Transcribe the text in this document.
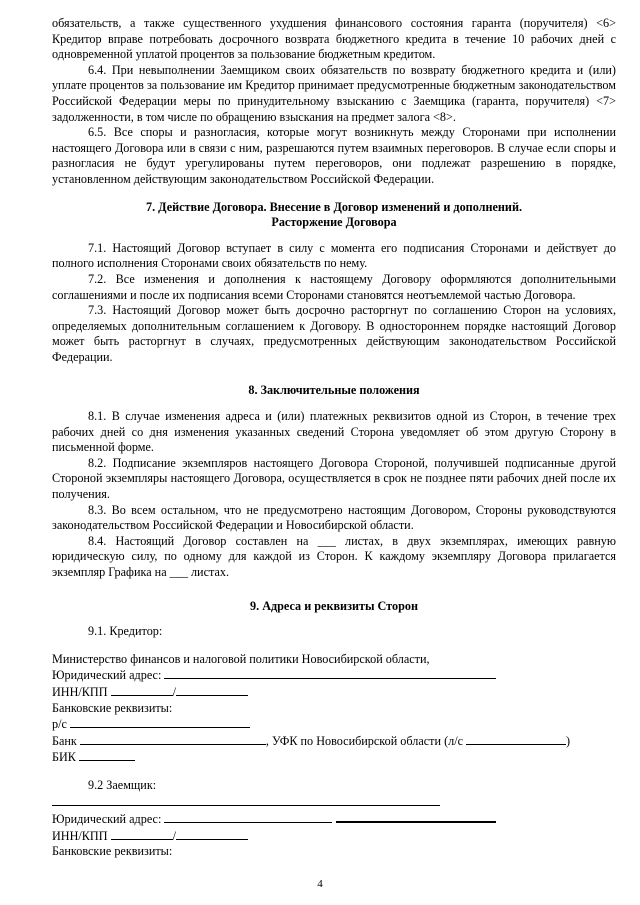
обязательств, а также существенного ухудшения финансового состояния гаранта (поручителя) <6> Кредитор вправе потребовать досрочного возврата бюджетного кредита в течение 10 рабочих дней с одновременной уплатой процентов за пользование бюджетным кредитом.

6.4. При невыполнении Заемщиком своих обязательств по возврату бюджетного кредита и (или) уплате процентов за пользование им Кредитор принимает предусмотренные бюджетным законодательством Российской Федерации меры по принудительному взысканию с Заемщика (гаранта, поручителя) <7> задолженности, в том числе по обращению взыскания на предмет залога <8>.

6.5. Все споры и разногласия, которые могут возникнуть между Сторонами при исполнении настоящего Договора или в связи с ним, разрешаются путем взаимных переговоров. В случае если споры и разногласия не будут урегулированы путем переговоров, они подлежат разрешению в порядке, установленном действующим законодательством Российской Федерации.

7. Действие Договора. Внесение в Договор изменений и дополнений.
Расторжение Договора

7.1. Настоящий Договор вступает в силу с момента его подписания Сторонами и действует до полного исполнения Сторонами своих обязательств по нему.

7.2. Все изменения и дополнения к настоящему Договору оформляются дополнительными соглашениями и после их подписания всеми Сторонами становятся неотъемлемой частью Договора.

7.3. Настоящий Договор может быть досрочно расторгнут по соглашению Сторон на условиях, определяемых дополнительным соглашением к Договору. В одностороннем порядке настоящий Договор может быть расторгнут в случаях, предусмотренных действующим законодательством Российской Федерации.

8. Заключительные положения

8.1. В случае изменения адреса и (или) платежных реквизитов одной из Сторон, в течение трех рабочих дней со дня изменения указанных сведений Сторона уведомляет об этом другую Сторону в письменной форме.

8.2. Подписание экземпляров настоящего Договора Стороной, получившей подписанные другой Стороной экземпляры настоящего Договора, осуществляется в срок не позднее пяти рабочих дней после их получения.

8.3. Во всем остальном, что не предусмотрено настоящим Договором, Стороны руководствуются законодательством Российской Федерации и Новосибирской области.

8.4. Настоящий Договор составлен на ___ листах, в двух экземплярах, имеющих равную юридическую силу, по одному для каждой из Сторон. К каждому экземпляру Договора прилагается экземпляр Графика на ___ листах.

9. Адреса и реквизиты Сторон

9.1. Кредитор:

Министерство финансов и налоговой политики Новосибирской области,

Юридический адрес:

ИНН/КПП	/

Банковские реквизиты:

р/с

Банк	, УФК по Новосибирской области (л/с	)

БИК

9.2 Заемщик:

Юридический адрес:

ИНН/КПП	/

Банковские реквизиты:

4
